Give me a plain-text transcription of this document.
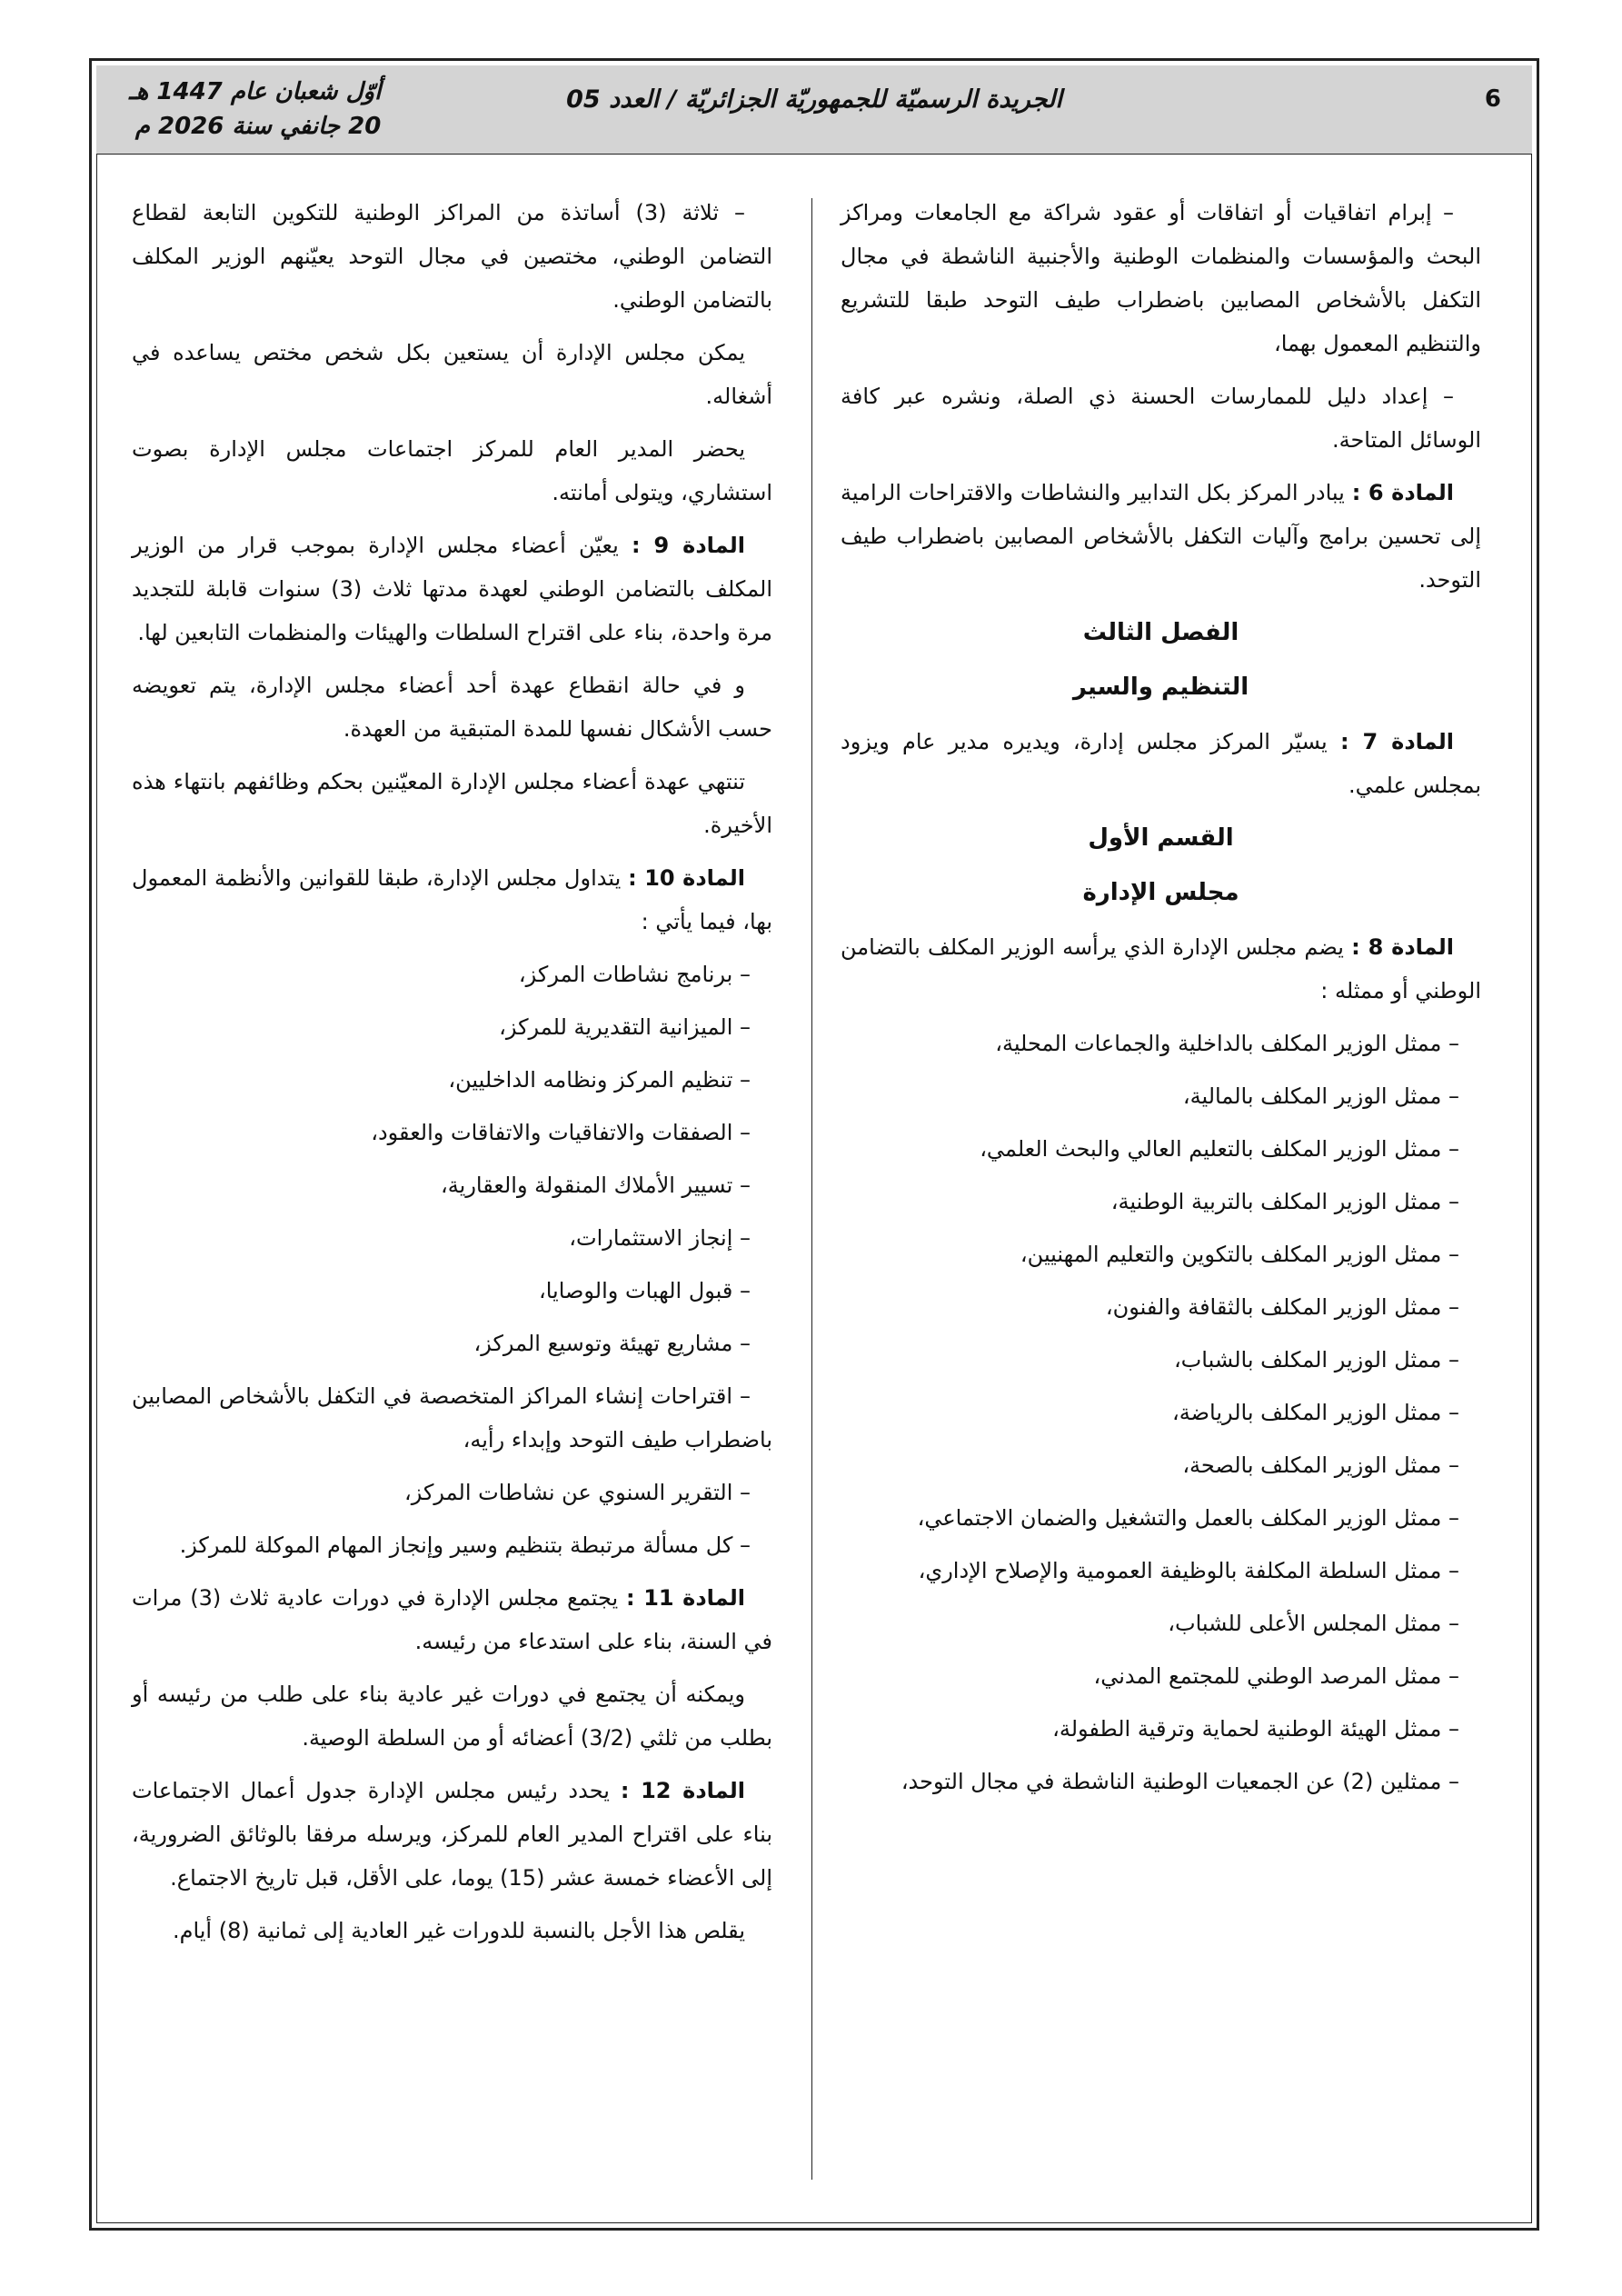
6
الجريدة الرسميّة للجمهوريّة الجزائريّة / العدد 05
أوّل شعبان عام 1447 هـ
20 جانفي سنة 2026 م

– إبرام اتفاقيات أو اتفاقات أو عقود شراكة مع الجامعات ومراكز البحث والمؤسسات والمنظمات الوطنية والأجنبية الناشطة في مجال التكفل بالأشخاص المصابين باضطراب طيف التوحد طبقا للتشريع والتنظيم المعمول بهما،

– إعداد دليل للممارسات الحسنة ذي الصلة، ونشره عبر كافة الوسائل المتاحة.

المادة 6 : يبادر المركز بكل التدابير والنشاطات والاقتراحات الرامية إلى تحسين برامج وآليات التكفل بالأشخاص المصابين باضطراب طيف التوحد.

الفصل الثالث
التنظيم والسير

المادة 7 : يسيّر المركز مجلس إدارة، ويديره مدير عام ويزود بمجلس علمي.

القسم الأول
مجلس الإدارة

المادة 8 : يضم مجلس الإدارة الذي يرأسه الوزير المكلف بالتضامن الوطني أو ممثله :

– ممثل الوزير المكلف بالداخلية والجماعات المحلية،
– ممثل الوزير المكلف بالمالية،
– ممثل الوزير المكلف بالتعليم العالي والبحث العلمي،
– ممثل الوزير المكلف بالتربية الوطنية،
– ممثل الوزير المكلف بالتكوين والتعليم المهنيين،
– ممثل الوزير المكلف بالثقافة والفنون،
– ممثل الوزير المكلف بالشباب،
– ممثل الوزير المكلف بالرياضة،
– ممثل الوزير المكلف بالصحة،
– ممثل الوزير المكلف بالعمل والتشغيل والضمان الاجتماعي،
– ممثل السلطة المكلفة بالوظيفة العمومية والإصلاح الإداري،
– ممثل المجلس الأعلى للشباب،
– ممثل المرصد الوطني للمجتمع المدني،
– ممثل الهيئة الوطنية لحماية وترقية الطفولة،
– ممثلين (2) عن الجمعيات الوطنية الناشطة في مجال التوحد،

– ثلاثة (3) أساتذة من المراكز الوطنية للتكوين التابعة لقطاع التضامن الوطني، مختصين في مجال التوحد يعيّنهم الوزير المكلف بالتضامن الوطني.

يمكن مجلس الإدارة أن يستعين بكل شخص مختص يساعده في أشغاله.

يحضر المدير العام للمركز اجتماعات مجلس الإدارة بصوت استشاري، ويتولى أمانته.

المادة 9 : يعيّن أعضاء مجلس الإدارة بموجب قرار من الوزير المكلف بالتضامن الوطني لعهدة مدتها ثلاث (3) سنوات قابلة للتجديد مرة واحدة، بناء على اقتراح السلطات والهيئات والمنظمات التابعين لها.

و في حالة انقطاع عهدة أحد أعضاء مجلس الإدارة، يتم تعويضه حسب الأشكال نفسها للمدة المتبقية من العهدة.

تنتهي عهدة أعضاء مجلس الإدارة المعيّنين بحكم وظائفهم بانتهاء هذه الأخيرة.

المادة 10 : يتداول مجلس الإدارة، طبقا للقوانين والأنظمة المعمول بها، فيما يأتي :

– برنامج نشاطات المركز،
– الميزانية التقديرية للمركز،
– تنظيم المركز ونظامه الداخليين،
– الصفقات والاتفاقيات والاتفاقات والعقود،
– تسيير الأملاك المنقولة والعقارية،
– إنجاز الاستثمارات،
– قبول الهبات والوصايا،
– مشاريع تهيئة وتوسيع المركز،
– اقتراحات إنشاء المراكز المتخصصة في التكفل بالأشخاص المصابين باضطراب طيف التوحد وإبداء رأيه،
– التقرير السنوي عن نشاطات المركز،
– كل مسألة مرتبطة بتنظيم وسير وإنجاز المهام الموكلة للمركز.

المادة 11 : يجتمع مجلس الإدارة في دورات عادية ثلاث (3) مرات في السنة، بناء على استدعاء من رئيسه.

ويمكنه أن يجتمع في دورات غير عادية بناء على طلب من رئيسه أو بطلب من ثلثي (3/2) أعضائه أو من السلطة الوصية.

المادة 12 : يحدد رئيس مجلس الإدارة جدول أعمال الاجتماعات بناء على اقتراح المدير العام للمركز، ويرسله مرفقا بالوثائق الضرورية، إلى الأعضاء خمسة عشر (15) يوما، على الأقل، قبل تاريخ الاجتماع.

يقلص هذا الأجل بالنسبة للدورات غير العادية إلى ثمانية (8) أيام.
